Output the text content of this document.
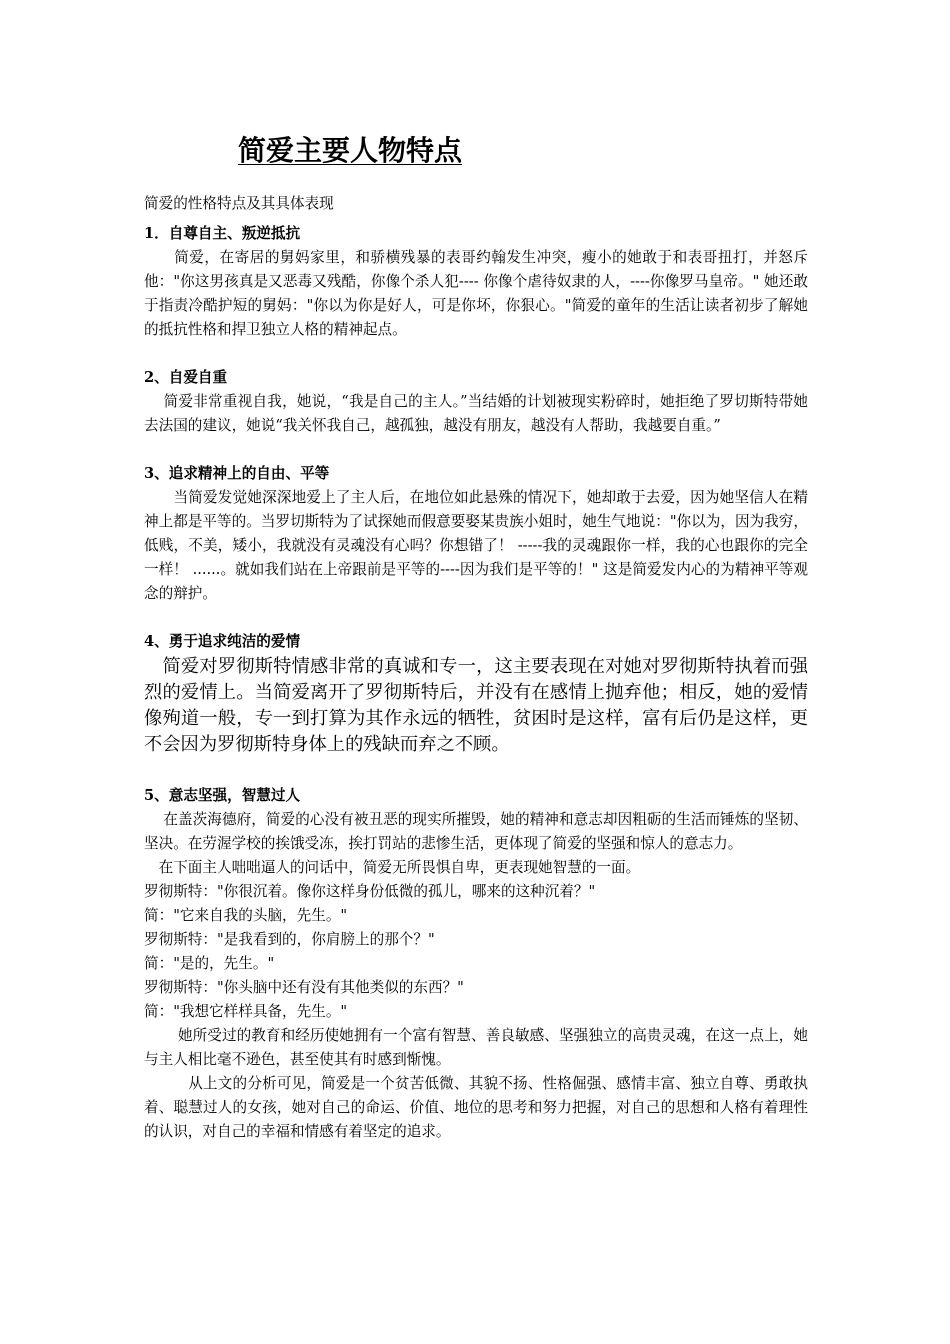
简爱主要人物特点

简爱的性格特点及其具体表现

1．自尊自主、叛逆抵抗

　　简爱，在寄居的舅妈家里，和骄横残暴的表哥约翰发生冲突，瘦小的她敢于和表哥扭打，并怒斥他："你这男孩真是又恶毒又残酷，你像个杀人犯---- 你像个虐待奴隶的人，----你像罗马皇帝。" 她还敢于指责冷酷护短的舅妈："你以为你是好人，可是你坏，你狠心。"简爱的童年的生活让读者初步了解她的抵抗性格和捍卫独立人格的精神起点。

2、自爱自重

　 简爱非常重视自我，她说，“我是自己的主人。”当结婚的计划被现实粉碎时，她拒绝了罗切斯特带她去法国的建议，她说“我关怀我自己，越孤独，越没有朋友，越没有人帮助，我越要自重。”

3、追求精神上的自由、平等

　　当简爱发觉她深深地爱上了主人后，在地位如此悬殊的情况下，她却敢于去爱，因为她坚信人在精神上都是平等的。当罗切斯特为了试探她而假意要娶某贵族小姐时，她生气地说："你以为，因为我穷，低贱，不美，矮小，我就没有灵魂没有心吗？你想错了！ -----我的灵魂跟你一样，我的心也跟你的完全一样！ ......。就如我们站在上帝跟前是平等的----因为我们是平等的！" 这是简爱发内心的为精神平等观念的辩护。

4、勇于追求纯洁的爱情

　简爱对罗彻斯特情感非常的真诚和专一，这主要表现在对她对罗彻斯特执着而强烈的爱情上。当简爱离开了罗彻斯特后，并没有在感情上抛弃他；相反，她的爱情像殉道一般，专一到打算为其作永远的牺牲，贫困时是这样，富有后仍是这样，更不会因为罗彻斯特身体上的残缺而弃之不顾。

5、意志坚强，智慧过人

　 在盖茨海德府，简爱的心没有被丑恶的现实所摧毁，她的精神和意志却因粗砺的生活而锤炼的坚韧、坚决。在劳渥学校的挨饿受冻，挨打罚站的悲惨生活，更体现了简爱的坚强和惊人的意志力。

　在下面主人咄咄逼人的问话中，简爱无所畏惧自卑，更表现她智慧的一面。

罗彻斯特："你很沉着。像你这样身份低微的孤儿，哪来的这种沉着？"

简："它来自我的头脑，先生。"

罗彻斯特："是我看到的，你肩膀上的那个？"

简："是的，先生。"

罗彻斯特："你头脑中还有没有其他类似的东西？"

简："我想它样样具备，先生。"

　　 她所受过的教育和经历使她拥有一个富有智慧、善良敏感、坚强独立的高贵灵魂，在这一点上，她与主人相比毫不逊色，甚至使其有时感到惭愧。

　　　从上文的分析可见，简爱是一个贫苦低微、其貌不扬、性格倔强、感情丰富、独立自尊、勇敢执着、聪慧过人的女孩，她对自己的命运、价值、地位的思考和努力把握，对自己的思想和人格有着理性的认识，对自己的幸福和情感有着坚定的追求。
